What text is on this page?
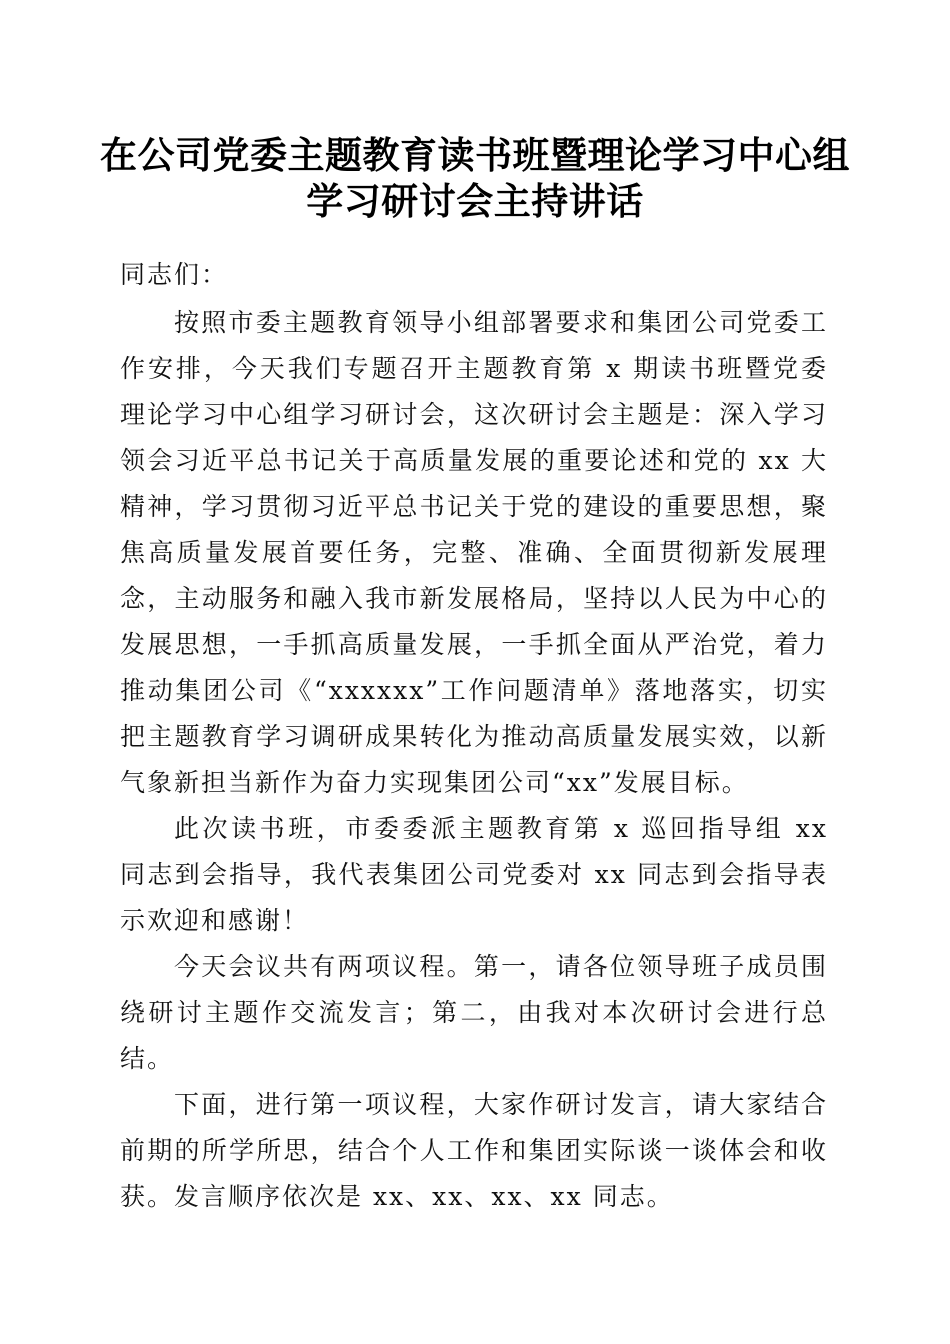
在公司党委主题教育读书班暨理论学习中心组
学习研讨会主持讲话

同志们：

按照市委主题教育领导小组部署要求和集团公司党委工作安排，今天我们专题召开主题教育第 x 期读书班暨党委理论学习中心组学习研讨会，这次研讨会主题是：深入学习领会习近平总书记关于高质量发展的重要论述和党的 xx 大精神，学习贯彻习近平总书记关于党的建设的重要思想，聚焦高质量发展首要任务，完整、准确、全面贯彻新发展理念，主动服务和融入我市新发展格局，坚持以人民为中心的发展思想，一手抓高质量发展，一手抓全面从严治党，着力推动集团公司《“xxxxxx”工作问题清单》落地落实，切实把主题教育学习调研成果转化为推动高质量发展实效，以新气象新担当新作为奋力实现集团公司“xx”发展目标。

此次读书班，市委委派主题教育第 x 巡回指导组 xx 同志到会指导，我代表集团公司党委对 xx 同志到会指导表示欢迎和感谢！

今天会议共有两项议程。第一，请各位领导班子成员围绕研讨主题作交流发言；第二，由我对本次研讨会进行总结。

下面，进行第一项议程，大家作研讨发言，请大家结合前期的所学所思，结合个人工作和集团实际谈一谈体会和收获。发言顺序依次是 xx、xx、xx、xx 同志。
